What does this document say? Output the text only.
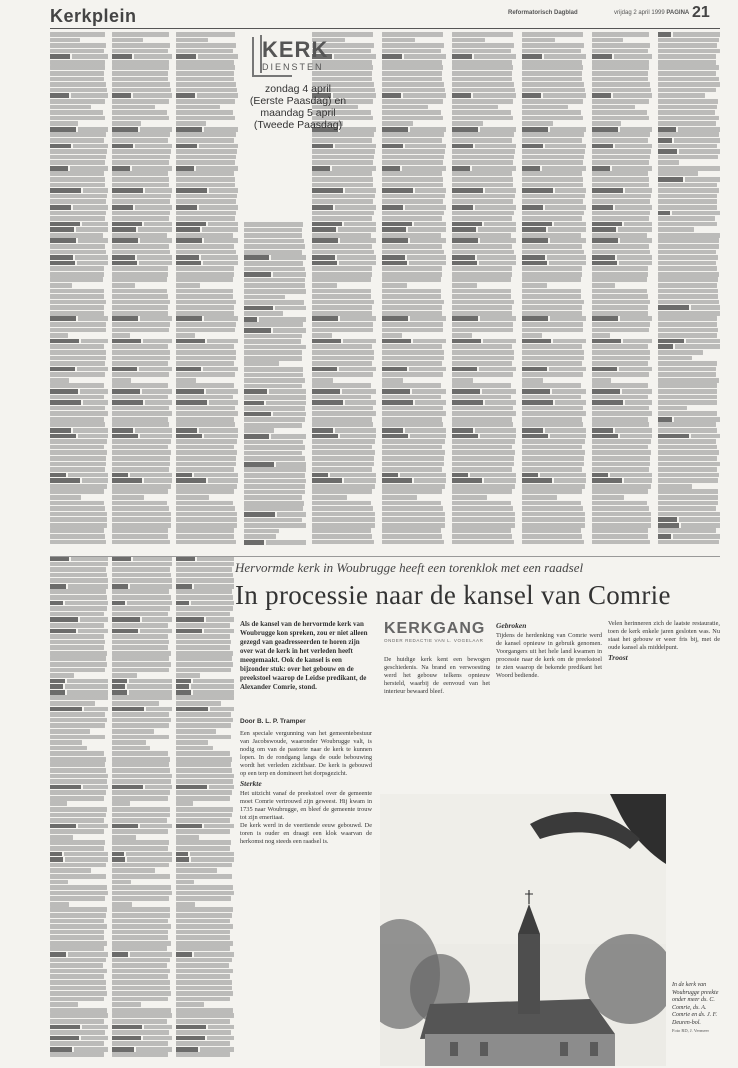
Kerkplein	Reformatorisch Dagblad	vrijdag 2 april 1999 PAGINA 21
KERK
DIENSTEN
zondag 4 april
(Eerste Paasdag) en
maandag 5 april
(Tweede Paasdag)
Hervormde kerk in Woubrugge heeft een torenklok met een raadsel
In processie naar de kansel van Comrie
Als de kansel van de hervormde kerk van Woubrugge kon spreken, zou er niet alleen gezegd van geadresseerden te horen zijn over wat de kerk in het verleden heeft meegemaakt. Ook de kansel is een bijzonder stuk: over het gebouw en de preekstoel waarop de Leidse predikant, de Alexander Comrie, stond.
Door B. L. P. Tramper

Een speciale vergunning van het gemeentebestuur van Jacobswoude, waaronder Woubrugge valt, is nodig om van de pastorie naar de kerk te kunnen lopen. In de rondgang langs de oude bebouwing wordt het verleden zichtbaar. De kerk is gebouwd op een terp en domineert het dorpsgezicht.

Sterkte

Het uitzicht vanaf de preekstoel over de gemeente moet Comrie vertrouwd zijn geweest. Hij kwam in 1735 naar Woubrugge, en bleef de gemeente trouw tot zijn emeritaat.

De kerk werd in de veertiende eeuw gebouwd. De toren is ouder en draagt een klok waarvan de herkomst nog steeds een raadsel is.

KERKGANG
ONDER REDACTIE VAN L. VOGELAAR

De huidige kerk kent een bewogen geschiedenis. Na brand en verwoesting werd het gebouw telkens opnieuw hersteld, waarbij de eenvoud van het interieur bewaard bleef.

Gebroken

Tijdens de herdenking van Comrie werd de kansel opnieuw in gebruik genomen. Voorgangers uit het hele land kwamen in processie naar de kerk om de preekstoel te zien waarop de bekende predikant het Woord bediende.

Velen herinneren zich de laatste restauratie, toen de kerk enkele jaren gesloten was. Nu staat het gebouw er weer fris bij, met de oude kansel als middelpunt.

Troost

In de kerk van Woubrugge preekte onder meer ds. C. Comrie, ds. A. Comrie en ds. J. F. Deuren-bol.
Foto RD, J. Vermeer
